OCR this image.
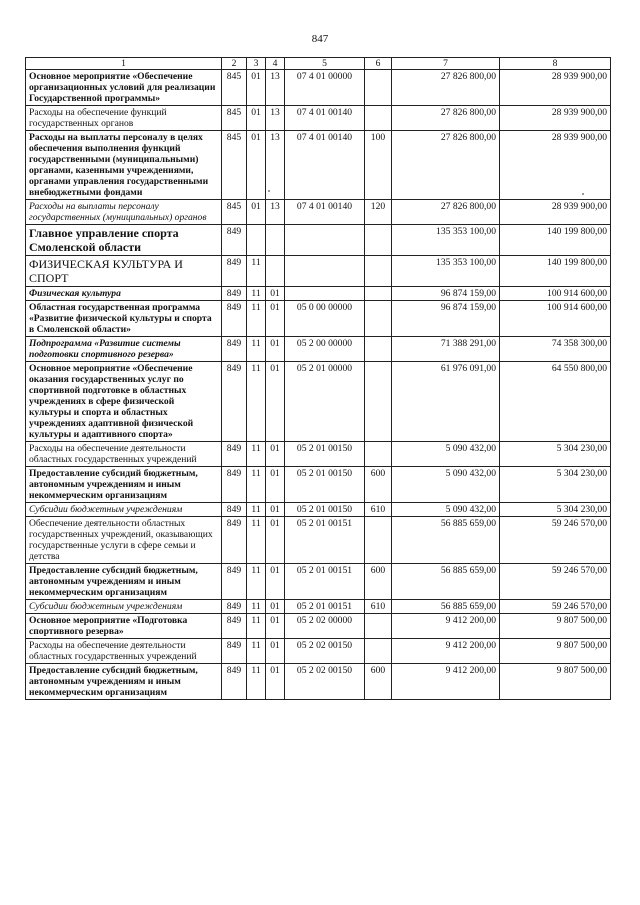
847
1	2	3	4	5	6	7	8
Основное мероприятие «Обеспечение организационных условий для реализации Государственной программы»	845	01	13	07 4 01 00000		27 826 800,00	28 939 900,00
Расходы на обеспечение функций государственных органов	845	01	13	07 4 01 00140		27 826 800,00	28 939 900,00
Расходы на выплаты персоналу в целях обеспечения выполнения функций государственными (муниципальными) органами, казенными учреждениями, органами управления государственными внебюджетными фондами	845	01	13	07 4 01 00140	100	27 826 800,00	28 939 900,00
Расходы на выплаты персоналу государственных (муниципальных) органов	845	01	13	07 4 01 00140	120	27 826 800,00	28 939 900,00
Главное управление спорта Смоленской области	849					135 353 100,00	140 199 800,00
ФИЗИЧЕСКАЯ КУЛЬТУРА И СПОРТ	849	11				135 353 100,00	140 199 800,00
Физическая культура	849	11	01			96 874 159,00	100 914 600,00
Областная государственная программа «Развитие физической культуры и спорта в Смоленской области»	849	11	01	05 0 00 00000		96 874 159,00	100 914 600,00
Подпрограмма «Развитие системы подготовки спортивного резерва»	849	11	01	05 2 00 00000		71 388 291,00	74 358 300,00
Основное мероприятие «Обеспечение оказания государственных услуг по спортивной подготовке в областных учреждениях в сфере физической культуры и спорта и областных учреждениях адаптивной физической культуры и адаптивного спорта»	849	11	01	05 2 01 00000		61 976 091,00	64 550 800,00
Расходы на обеспечение деятельности областных государственных учреждений	849	11	01	05 2 01 00150		5 090 432,00	5 304 230,00
Предоставление субсидий бюджетным, автономным учреждениям и иным некоммерческим организациям	849	11	01	05 2 01 00150	600	5 090 432,00	5 304 230,00
Субсидии бюджетным учреждениям	849	11	01	05 2 01 00150	610	5 090 432,00	5 304 230,00
Обеспечение деятельности областных государственных учреждений, оказывающих государственные услуги в сфере семьи и детства	849	11	01	05 2 01 00151		56 885 659,00	59 246 570,00
Предоставление субсидий бюджетным, автономным учреждениям и иным некоммерческим организациям	849	11	01	05 2 01 00151	600	56 885 659,00	59 246 570,00
Субсидии бюджетным учреждениям	849	11	01	05 2 01 00151	610	56 885 659,00	59 246 570,00
Основное мероприятие «Подготовка спортивного резерва»	849	11	01	05 2 02 00000		9 412 200,00	9 807 500,00
Расходы на обеспечение деятельности областных государственных учреждений	849	11	01	05 2 02 00150		9 412 200,00	9 807 500,00
Предоставление субсидий бюджетным, автономным учреждениям и иным некоммерческим организациям	849	11	01	05 2 02 00150	600	9 412 200,00	9 807 500,00
